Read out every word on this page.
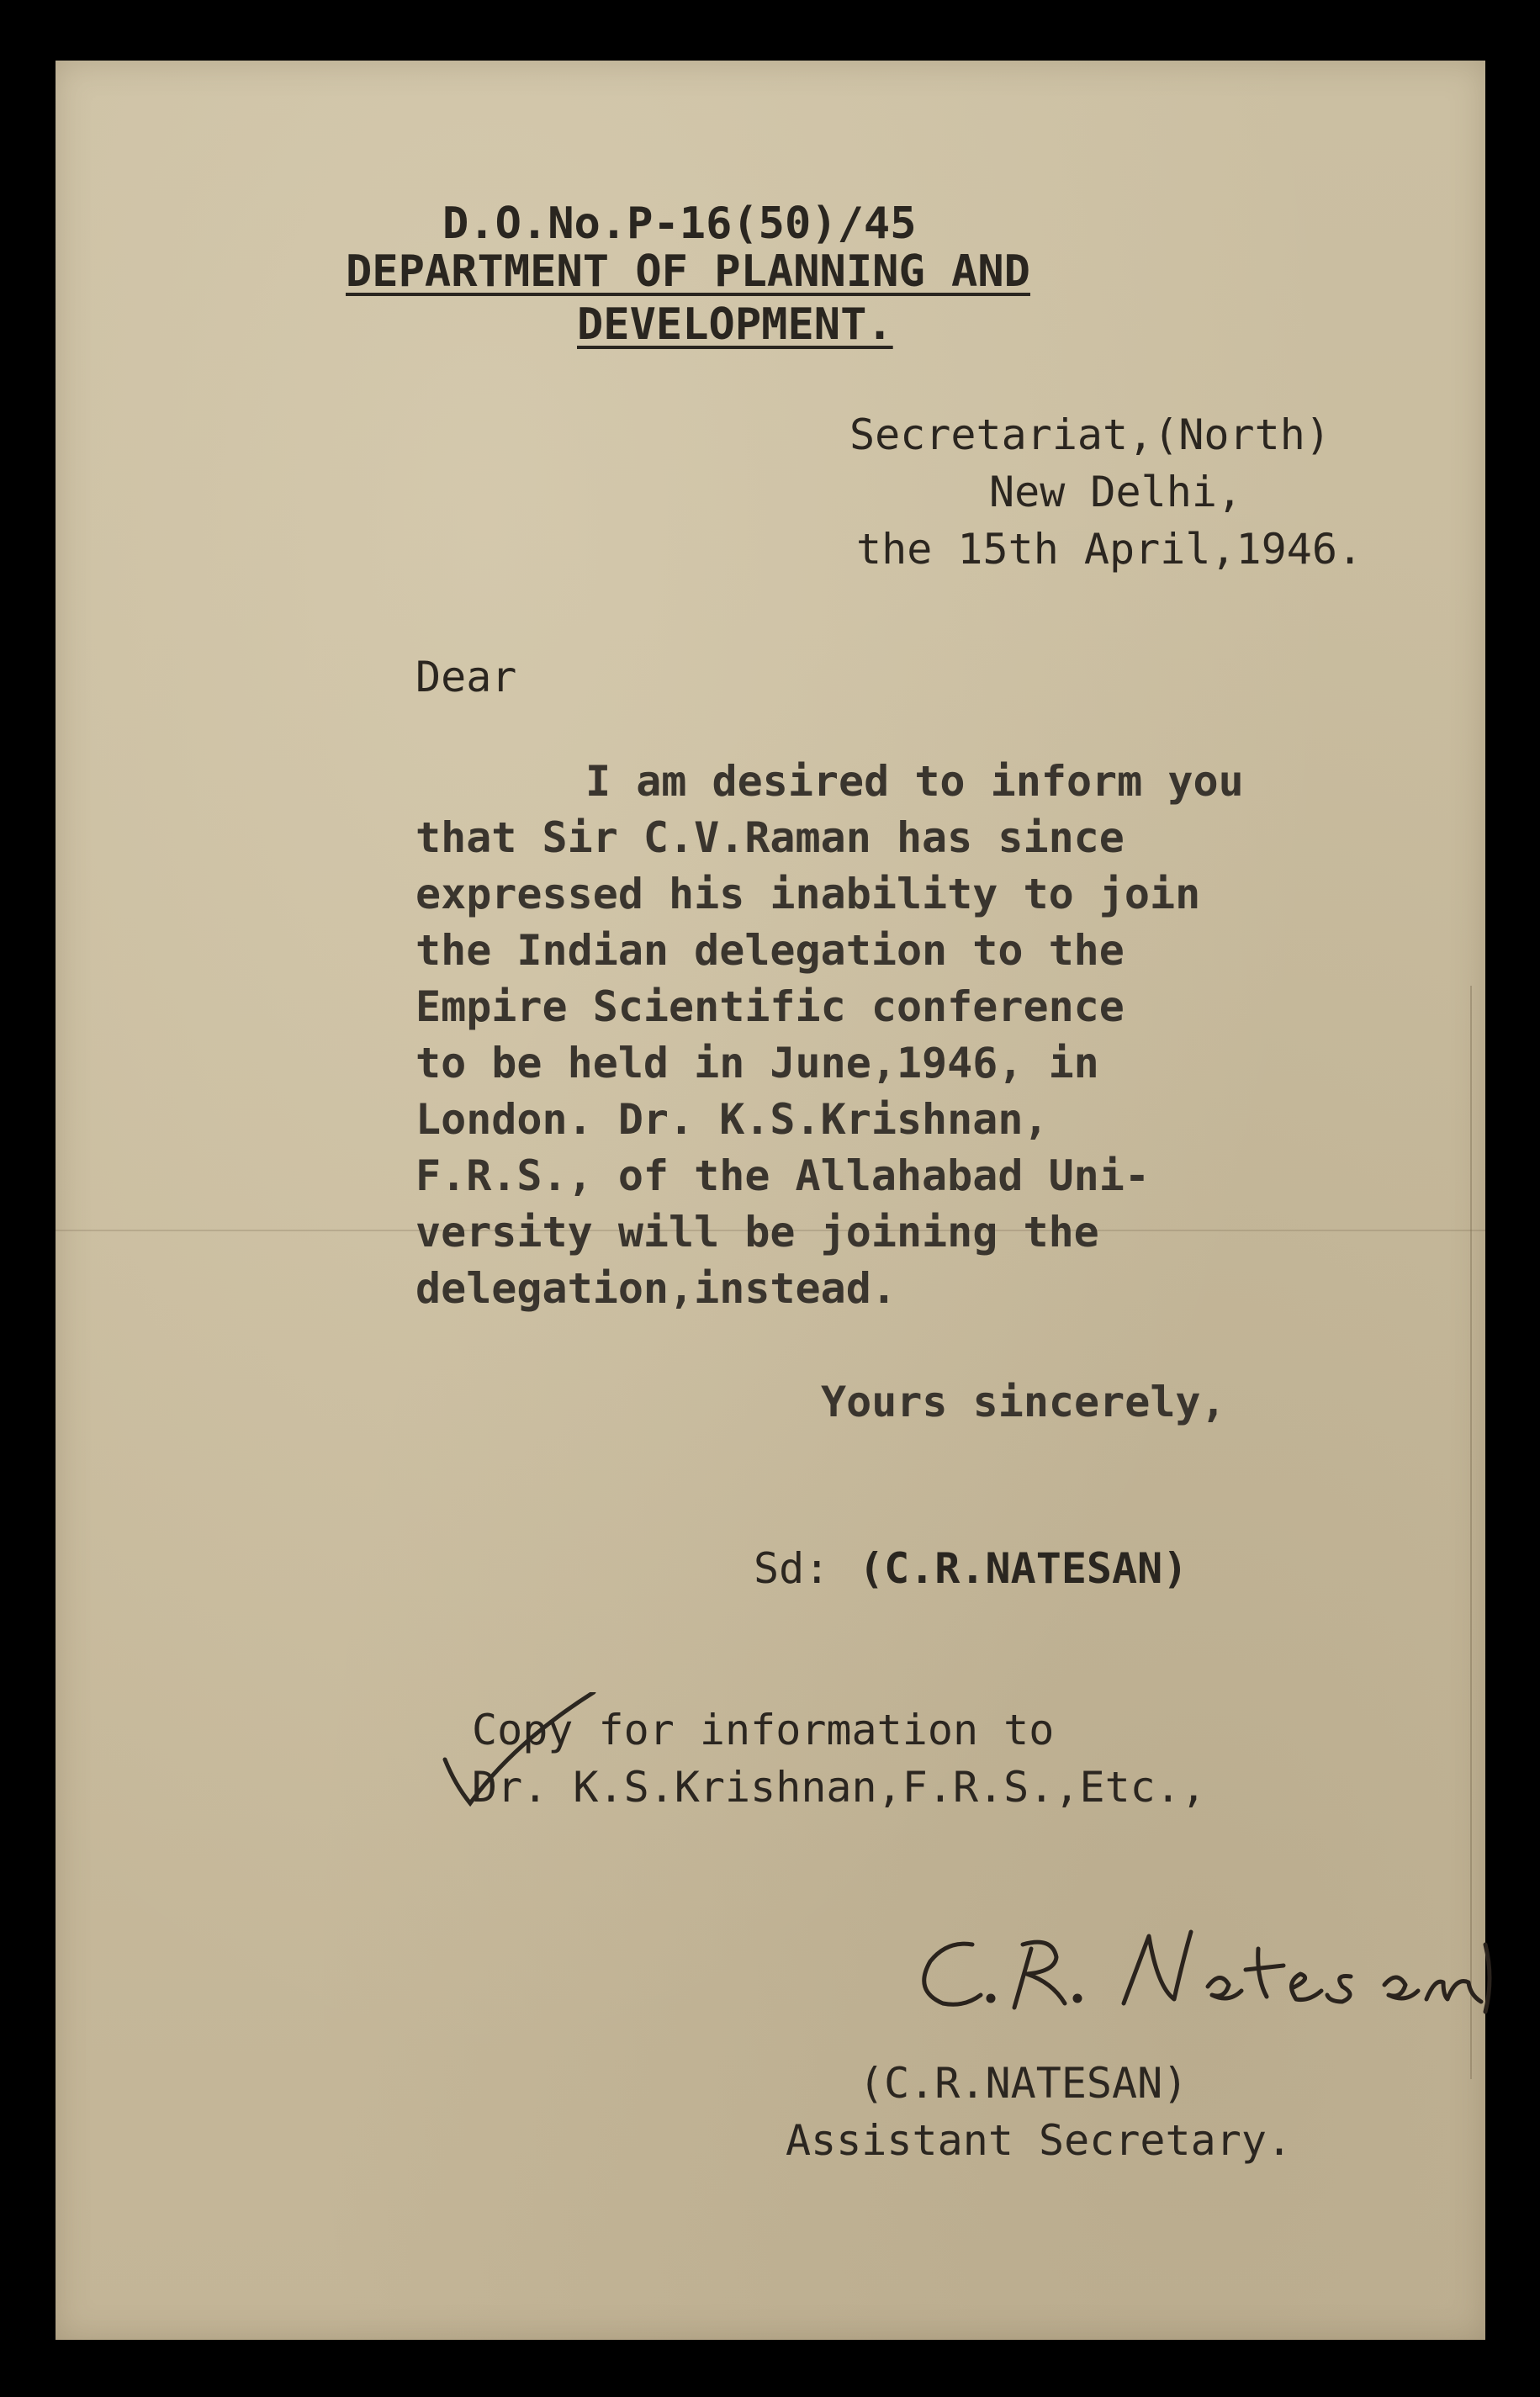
D.O.No.P-16(50)/45
DEPARTMENT OF PLANNING AND
DEVELOPMENT.
Secretariat,(North)
New Delhi,
the 15th April,1946.
Dear
I am desired to inform you
that Sir C.V.Raman has since
expressed his inability to join
the Indian delegation to the
Empire Scientific conference
to be held in June,1946, in
London. Dr. K.S.Krishnan,
F.R.S., of the Allahabad Uni-
versity will be joining the
delegation,instead.
Yours sincerely,
Sd: (C.R.NATESAN)
Copy for information to
Dr. K.S.Krishnan,F.R.S.,Etc.,
(C.R.NATESAN)
Assistant Secretary.
